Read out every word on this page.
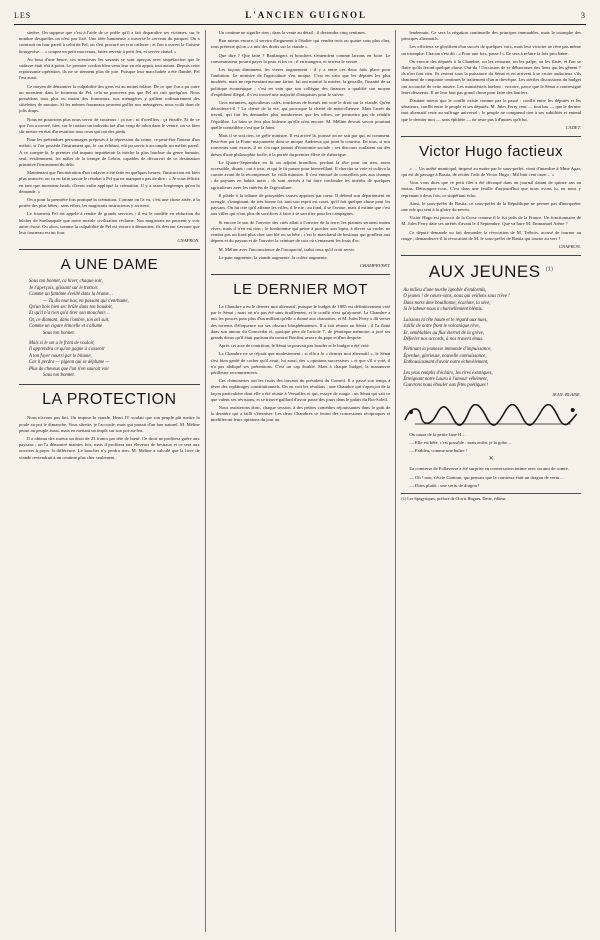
LES	L'ANCIEN GUIGNOL	3

sinière. On suppose que c'est à l'aide de ce poêle qu'il a fait disparaître ses victimes, sur le nombre desquelles on n'est pas fixé. Une idée lumineuse a traversé le cerveau du parquet. On a construit un four pareil à celui de Pel, on s'est procuré un vrai cadavre ; et l'on a ouvert la Cuisine bourgeoise… « coupez en petit morceaux, faites revenir à petit feu, et servez chaud. »

Au bout d'une heure, ces messieurs les savants se sont aperçus avec stupéfaction que le cadavre était rôti à point. Le premier cordon bleu venu leur en eût appris tout autant. Depuis cette repoussante opération, ils ne se tiennent plus de joie. Puisque leur macchabée a été flambé, Pel l'est aussi.

Ce moyen de démontrer la culpabilité des gens est au moins folâtre. De ce que l'on a pu cuire un monsieur dans le fourneau de Pel, cela ne prouvera pas que Pel ait cuit quelqu'un. Nous possédons tous plus ou moins des fourneaux, nos ménagères y grillent ordinairement des côtelettes de mouton. Si les mêmes fourneaux peuvent griller nos ménagères, nous voilà dans de jolis draps.

Nous ne pourrions plus nous servir de couteaux : ça tue ; ni d'oreillers : ça étouffe. Et de ce que l'on a trouvé, hier, sur le trottoir un individu tué d'un coup de talon dans le ventre, on va bien sûr mettre en état d'arrestation tous ceux qui ont des pieds.

Pour les prétendues personnages préposés à la répression du crime, ce peut-être l'auteur d'un méfait, si l'on possède l'instrument qui, le cas échéant, eût pu servir à accomplir un méfait pareil. A ce compte-là, le premier rôd impuni inquiéterait la mèche la plus lauchue du genre humain, seul, évidemment, les mâles de la trempe de Lebon, capables de découvrir de ce destination primitive l'instrument du délit.

Maintenant que l'incinération d'un cadavre a été faite en quelques heures, l'instruction est bien plus avancée, on va en faire savoir le résultat à Pel qui ne manquera pas de dire : « Je vous félicite en tant que monsieur hardi, d'avoir enfin appliqué la crémation. Il y a assez longtemps qu'on la demande. »

On a pour la première fois pratiqué la crémation. Comme on l'a vu, c'est une chose aisée, à la portée des plus bêtes ; sans effort, les magistrats instructeurs y arrivent.

Le fourneau Pel est appelé à rendre de grands services ; il est le modèle en réduction du bûcher de Sardanapale que notre morale civilisation réclame. Nos magistrats ne peuvent y voir autre chose. Ou alors, comme la culpabilité de Pel est encore à démontrer, ils devront s'avouer que leur fourneau est un four.

GNAFRON.
A UNE DAME
Sous ton bonnet, ca hiver, chaque soir,
Je t'aperçois, glissant sur le trottoir.
Comme un fantôme éveillé dans la brume…
— Tu dis tout bas, en passant qui s'enrhume,
Qu'un bois bien sec brûle dans ton boudoir,
Et qu'il n'a rien qu'à tirer son mouchoir…
Or, ce diamant, dans l'ombre, ton œil suit,
Comme un cigare étincelle et s'allume
Sous ton bonnet.
Mais si le sot a le front de vouloir,
Il apprendra ce qu'on gagne à s'asseoir
A ton foyer nourri par le bitume,
Car il perdra — pigeon qui se déplume —
Plus de cheveux que l'on n'en saurait voir
Sous ton bonnet.
LA PROTECTION

Nous n'avons pas fini. On impose la viande. Henri IV voulait que son peuple pût mettre la poule au pot le dimanche. Vous sûrette, je l'accorde, mais qui partait d'un bon naturel. M. Méline pense au peuple aussi, mais en mettant un impôt sur son pot-au-feu.

Il a obtenu des rureux un droit de 25 francs par tête de bœuf. Ce droit ne profitera guère aux paysans ; on l'a démontré maintes fois, mais il profitera aux éleveurs de bestiaux et ce sera aux ouvriers à payer la différence. Le boucher n'y perdra rien. M. Méline a calculé que la livre de viande reviendrait à un centime plus cher seulement.

Un centime ne signifie rien ; dans la vente au détail : il deviendra cinq centimes.

Bon mieux encore, il servira d'argument à l'étalier qui vendra trois ou quatre sous plus cher, sous prétexte qu'on « a mis des droits sur la viande ».

Que dire ? Que faire ? Boulangers et bouchers s'entendent comme larrons en foire. Le consommateur pourra payer la peau et les os ; il en mangera, et serrera le ventre.

Les façons diminuent, les vivres augmentent : il y a entre ces deux faits place pour l'ambition. Le ministre de l'agriculture s'en moque. C'est en vain que les députés les plus modérés, mais ne représentant aucune farine, lui ont montré la misère, la grisaille, l'inanité de sa politique économique ; c'est en vain que son collègue des finances a qualifié son moyen d'expédient illégal, il s'est trouvé une majorité d'iniquistes pour le suivre.

Gros meuniers, agriculteurs calés, toucheurs de boeufs ont voté le droit sur la viande. Qu'en découlera-t-il ? La cherté de la vie, qui provoque la cherté de main-d'œuvre. Mais l'arrêt du travail, qui fait les demandes plus nombreuses que les offres, ne permettra pas de rétablir l'équilibre. La faim se fera plus hideuse qu'elle n'est encore. M. Méline devrait savoir pourtant quelle conseillère c'est que la faim.

Mais il se soit rien, ce grêle ministre. Il est arrivé là, poussé on ne sait par qui, ni comment. Peut-être par la Franc-maçonnerie dont se moque Andrieux qui joint la courtisa. En tous, si nos souvenirs sont exacts, il ne s'occupa jamais d'économie sociale ; ses discours roulaient sur des thèses d'une philosophie facile, à la portée du premier élève de rhétorique.

Le Quatre-Septembre en fit un adjoint bronillon, perdant la tête pour un rien, assez accessible, disant : oui à tous, et qui le fit passer pour bienveillant. Il chercha sa voie et cultiva la carotte avant de la récompenser. Le voilà ministre. Il s'est entouré de conseillers pris aux champs ; de paysans en habits noirs ; ils sont arrivés à lui faire confondre les intérêts de quelques agriculteurs avec les intérêts de l'agriculture.

Il plaide à la tribune de pitoyables causes apprises par cœur. Il défend son département en aveugle, s'imaginant, de très bonne foi, tant son esprit est court, qu'il fait quelque chose pour les paysans. On lui crie qu'il affame les villes, il le nie ; au fond, il se l'avoue, mais il estime que c'est aux villes qui n'ont plus de sacrifices à faire à se sacrifier pour les campagnes.

Si encore le son de l'ouvrier des cités allait à l'ouvrier de la terre, les plaintes seraient moins vives, mais il n'en est rien ; le bonhomme qui peine à piocher son lopin, à élever sa vache, ne vendra pas un liard plus cher son blé ou sa bête ; c'est le marchand de bestiaux qui gonflera aux dépens et du paysan et de l'ouvrier la ceinture de cuir où s'entassent les louis d'or.

M. Méline avec l'inconscience de l'incapacité, trahit ceux qu'il croit servir.

Le pain augmente, la viande augmente, la colère augmente.

CHAMPEVERT.
LE DERNIER MOT

La Chambre a eu le dernier mot alternatif, puisque le budget de 1885 est définitivement voté par le Sénat ; mais on n'a pas été sans tiraillement, et le conflit n'est qu'ajourné. La Chambre a mis les pouces pour plus d'un million qu'elle a donné aux chanoines, et M. Jules Ferry a dû verser des torrents d'éloquence sur ses obscurs blasphémateurs. Il a fait réussir au Sénat ; il l'a flatté dans son amour du Concordat et, quoique père de l'article 7, de jésuitique mémoire, a juré ses grands dieux qu'il était partisan du contrat Bonfim, œuvre du pape et d'un despote.

Après cet acte de contrition, le Sénat se pouvait pas bouder et le budget a été voté.

La Chambre ne se réjouit que modestement ; si elle a le « dernier mot alternatif », le Sénat s'est bien gardé de cacher qu'il avait, lui aussi, des « opinions successives » et que s'il a voté, il n'a pas abdiqué ses prétentions. C'est un cap doublé. Mais à chaque budget, la manœuvre périlleuse recommencera.

Ces chinoiseries ont les fruits des travaux du président du Conseil. Il a passé son temps à rêver des replâtrages constitutionnels. On en voit les résultats : une Chambre qui s'aperçoit de la façon particulière dont elle a été réunie à Versailles et qui, essaye de rougir ; un Sénat qui sait ce que valent ses révisions, et se trouve gaillard d'avoir passé des jours dans le palais du Roi-Soleil.

Nous assisterons donc, chaque session, à des petites comédies réjouissantes dans le goût de la dernière qui a failli s'éterniser. Les deux Chambres se feront des concessions réciproques et modifieront leurs opinions du jour au

lendemain. Ce sera la négation continuelle des principes immuables, mais le triomphe des principes alternatifs.

Les officieux se glorifient d'un succès de quelques voix, mais leur victoire ne rêve pas même un triomphe. Chacun s'est dit : « Pour une fois, passe ! » Ce sera à refaire la fois prochaine.

On envoie des députés à la Chambre, on les retourne, on les palpe, on les flatte, et l'on se flatte qu'ils feront quelque chose. Oui-da ! l'occasion de se débarrasser des liens qui les gênent ? ils n'en font rien. Ils restent sous la puissance du Sénat et en arrivent à se croire audacieux s'ils dominent de cinquante centimes le traitement d'un archevêque. Les stériles discussions du budget ont accouché de cette misère. Les ministériels hurlent : victoire, parce que le Sénat a contresigné leurs désaveux. Il ne leur faut pas grand chose pour faire des lauriers.

D'autant mieux que le conflit existe comme par le passé : conflit entre les députés et les sénateurs, conflit entre le peuple et ses députés. M. Jules Ferry veut — tout bas — que le dernier mot alternatif reste au suffrage universel ; le peuple ne comprend rien à ses subtilités et entend que le dernier mot — sans épithète — ne reste pas à d'autres qu'à lui.

CADET.
Victor Hugo factieux

« … Un arrêté municipal, imposé au maire par le sous-préfet, vient d'interdire à Mme Agar, qui est de passage à Bastia, de réciter l'ode de Victor Hugo : Mil huit cent onze… »

Vous vous dites que ce petit filet a été découpé dans un journal datant de quinze ans au moins. Détrompez-vous. C'est dans une feuille d'aujourd'hui que nous avons lu, en nous y reprenant à deux fois, ce stupéfiant écho.

Ainsi, le sous-préfet de Bastia, ce sous-préfet de la République ne permet pas d'interpréter une ode qui sent à la gloire du neveu.

Victor Hugo est proscrit de la Corse comme il le fut jadis de la France. Un fonctionnaire de M. Jules Ferry date ses arrêtés d'avant le 4 Septembre. Que va faire M. Emmanuel Arène ?

Ce député demande ou fait demander la révocation de M. Trébois, accusé de tourner au rouge ; demandera-t-il la révocation de M. le sous-préfet de Bastia qui tourne au vert ?

GNAFRON.
AUX JEUNES $^{(1)}$
Au milieu d'une tourbe ignoble d'endormis,
O jeunes ! de cœurs-sons, nous qui veillons sous trêve !
Dans notre âme bouillonne, écarlate, la sève,
Si le labeur nous a charnellement blêmis.
Laissons la tête haute et le regard aux nues,
Jaillir de notre front le volcanique rêve,
Et, semblables au flux éternel de la grève,
Déferler nos accords, à nos travers émus.
Piétinant la jeunesse immonde d'impuissance,
Éperdue, glorieuse, nouvelle connaissance,
Enthousiasmant d'avoir notre échevèlement,
Les yeux remplis d'éclairs, les rires extatiques,
Étreignant notre Laura à l'amour véhément,
Couvrons nous ébouler aux fêtes poétiques !
JEAN. BLAISE.

On cause de la petite Jane H…

— Elle est bête, c'est possible : mais enfin, je la gobe…

— Parbleu, comme une huître !

✕

La comtesse de Follavesse a été surprise en conversation intime avec un ami de comte.

— Oh ! non, s'écrie Gontran, qui pensais que la comtesse était un dragon de vertu…

— Dites plutôt : une vertu de dragon !

(1) Les Spagyriques, préface de Clovis Hugues, Deste, éditeur.
